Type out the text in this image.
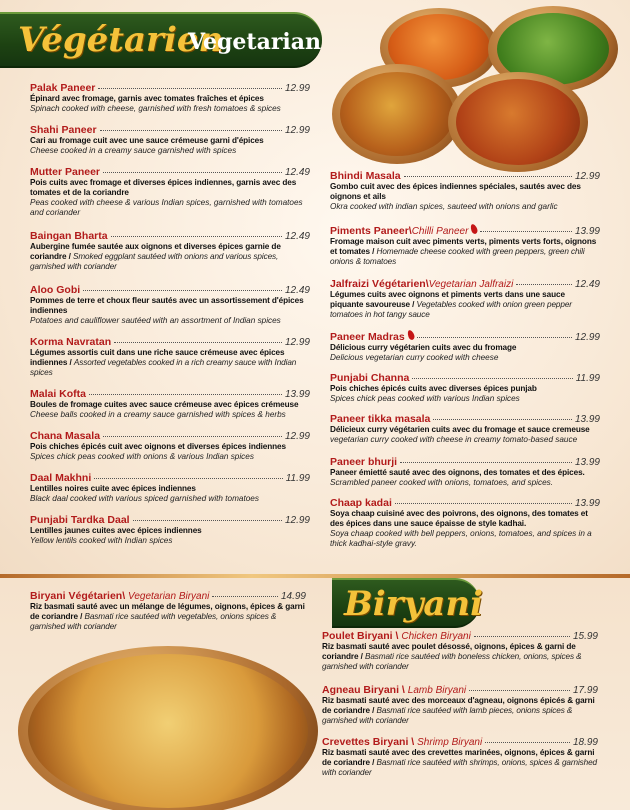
Végétarien
Vegetarian
Palak Paneer	12.99
Épinard avec fromage, garnis avec tomates fraîches et épices
Spinach cooked with cheese, garnished with fresh tomatoes & spices
Shahi Paneer	12.99
Cari au fromage cuit avec une sauce crémeuse garni d'épices
Cheese cooked in a creamy sauce garnished with spices
Mutter Paneer	12.49
Pois cuits avec fromage et diverses épices indiennes, garnis avec des tomates et de la coriandre
Peas cooked with cheese & various Indian spices, garnished with tomatoes and coriander
Baingan Bharta	12.49
Aubergine fumée sautée aux oignons et diverses épices garnie de coriandre / Smoked eggplant sautéed with onions and various spices, garnished with coriander
Aloo Gobi	12.49
Pommes de terre et choux fleur sautés avec un assortissement d'épices indiennes
Potatoes and cauliflower sautéed with an assortment of Indian spices
Korma Navratan	12.99
Légumes assortis cuit dans une riche sauce crémeuse avec épices indiennes / Assorted vegetables cooked in a rich creamy sauce with Indian spices
Malai Kofta	13.99
Boules de fromage cuites avec sauce crémeuse avec épices crémeuse
Cheese balls cooked in a creamy sauce garnished with spices & herbs
Chana Masala	12.99
Pois chiches épicés cuit avec oignons et diverses épices indiennes
Spices chick peas cooked with onions & various Indian spices
Daal Makhni	11.99
Lentilles noires cuite avec épices indiennes
Black daal cooked with various spiced garnished with tomatoes
Punjabi Tardka Daal	12.99
Lentilles jaunes cuites avec épices indiennes
Yellow lentils cooked with Indian spices
Bhindi Masala	12.99
Gombo cuit avec des épices indiennes spéciales, sautés avec des oignons et ails
Okra cooked with indian spices, sauteed with onions and garlic
Piments Paneer\Chilli Paneer	13.99
Fromage maison cuit avec piments verts, piments verts forts, oignons et tomates / Homemade cheese cooked with green peppers, green chili onions & tomatoes
Jalfraizi Végétarien\Vegetarian Jalfraizi	12.49
Légumes cuits avec oignons et piments verts dans une sauce piquante savoureuse / Vegetables cooked with onion green pepper tomatoes in hot tangy sauce
Paneer Madras	12.99
Délicious curry végétarien cuits avec du fromage
Delicious vegetarian curry cooked with cheese
Punjabi Channa	11.99
Pois chiches épicés cuits avec diverses épices punjab
Spices chick peas cooked with various Indian spices
Paneer tikka masala	13.99
Délicieux curry végétarien cuits avec du fromage et sauce cremeuse
vegetarian curry cooked with cheese in creamy tomato-based sauce
Paneer bhurji	13.99
Paneer émietté sauté avec des oignons, des tomates et des épices.
Scrambled paneer cooked with onions, tomatoes, and spices.
Chaap kadai	13.99
Soya chaap cuisiné avec des poivrons, des oignons, des tomates et des épices dans une sauce épaisse de style kadhai.
Soya chaap cooked with bell peppers, onions, tomatoes, and spices in a thick kadhai-style gravy.
Biryani Végétarien\ Vegetarian Biryani	14.99
Riz basmati sauté avec un mélange de légumes, oignons, épices & garni de coriandre / Basmati rice sautéed with vegetables, onions spices & garnished with coriander
Biryani
Poulet Biryani \ Chicken Biryani	15.99
Riz basmati sauté avec poulet désossé, oignons, épices & garni de coriandre / Basmati rice sautéed with boneless chicken, onions, spices & garnished with coriander
Agneau Biryani \ Lamb Biryani	17.99
Riz basmati sauté avec des morceaux d'agneau, oignons épicés & garni de coriandre / Basmati rice sautéed with lamb pieces, onions spices & garnished with coriander
Crevettes Biryani \ Shrimp Biryani	18.99
Riz basmati sauté avec des crevettes marinées, oignons, épices & garni de coriandre / Basmati rice sautéed with shrimps, onions, spices & garnished with coriander
